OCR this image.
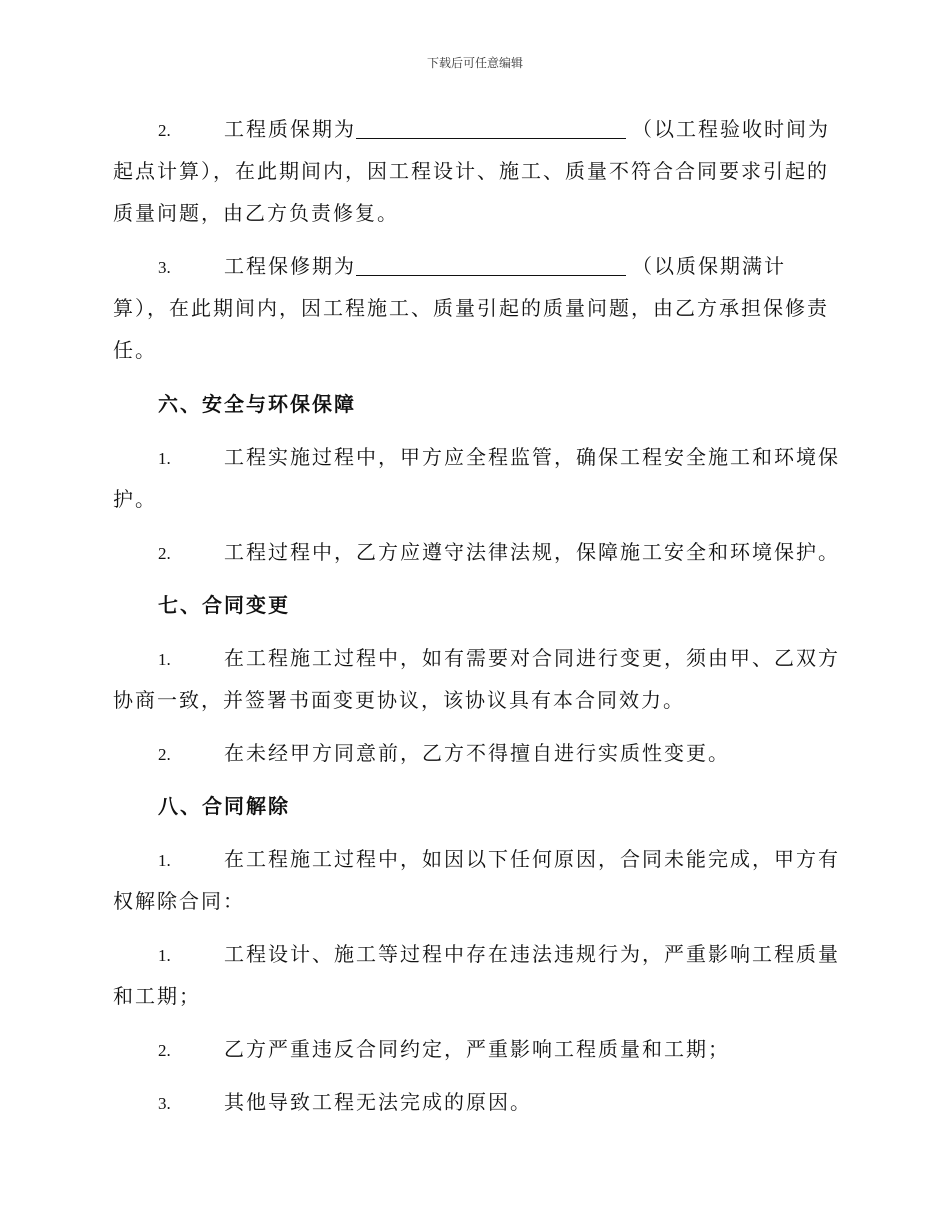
下载后可任意编辑
2.	工程质保期为	（以工程验收时间为
起点计算），在此期间内，因工程设计、施工、质量不符合合同要求引起的
质量问题，由乙方负责修复。
3.	工程保修期为	（以质保期满计
算），在此期间内，因工程施工、质量引起的质量问题，由乙方承担保修责
任。
六、安全与环保保障
1.	工程实施过程中，甲方应全程监管，确保工程安全施工和环境保
护。
2.	工程过程中，乙方应遵守法律法规，保障施工安全和环境保护。
七、合同变更
1.	在工程施工过程中，如有需要对合同进行变更，须由甲、乙双方
协商一致，并签署书面变更协议，该协议具有本合同效力。
2.	在未经甲方同意前，乙方不得擅自进行实质性变更。
八、合同解除
1.	在工程施工过程中，如因以下任何原因，合同未能完成，甲方有
权解除合同：
1.	工程设计、施工等过程中存在违法违规行为，严重影响工程质量
和工期；
2.	乙方严重违反合同约定，严重影响工程质量和工期；
3.	其他导致工程无法完成的原因。
